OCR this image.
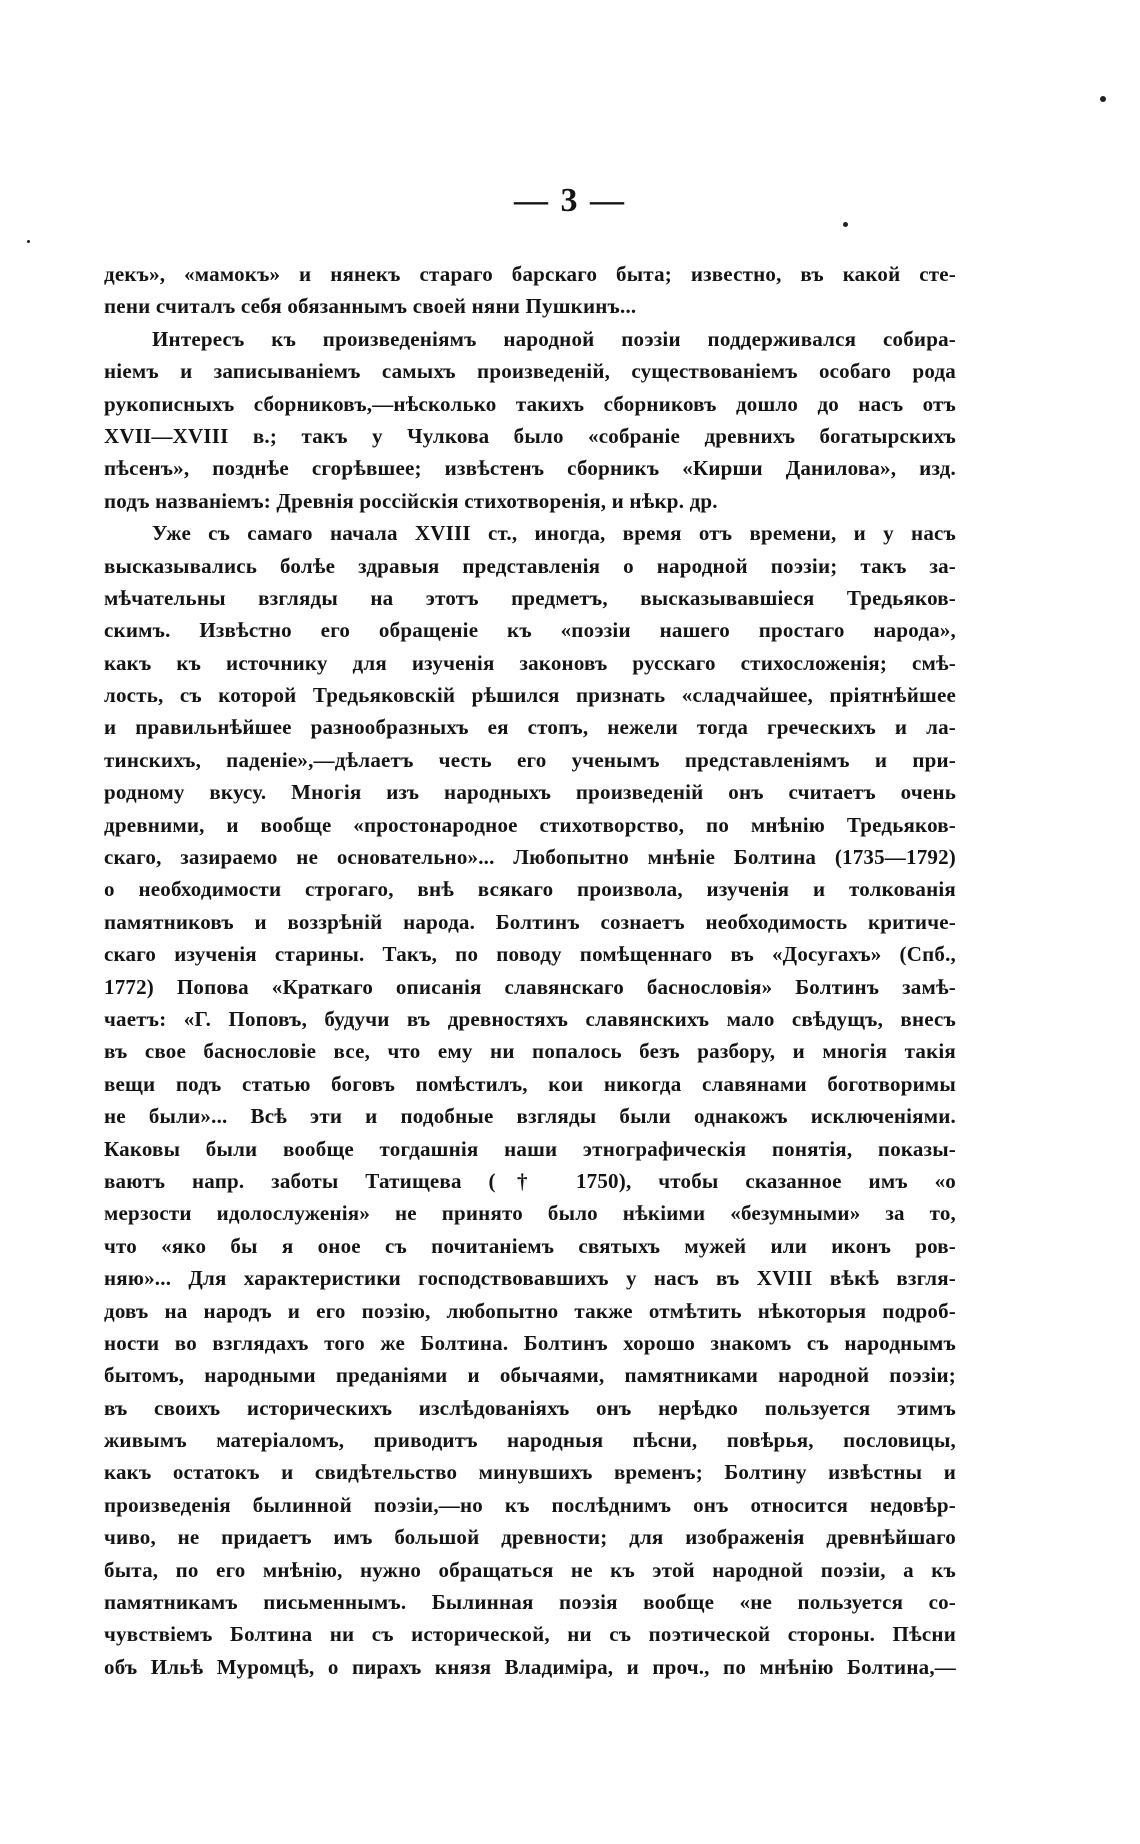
— 3 —
декъ», «мамокъ» и нянекъ стараго барскаго быта; известно, въ какой сте-
пени считалъ себя обязаннымъ своей няни Пушкинъ...
Интересъ къ произведеніямъ народной поэзіи поддерживался собира-
ніемъ и записываніемъ самыхъ произведеній, существованіемъ особаго рода
рукописныхъ сборниковъ,—нѣсколько такихъ сборниковъ дошло до насъ отъ
XVII—XVIII в.; такъ у Чулкова было «собраніе древнихъ богатырскихъ
пѣсенъ», позднѣе сгорѣвшее; извѣстенъ сборникъ «Кирши Данилова», изд.
подъ названіемъ: Древнія россійскія стихотворенія, и нѣкр. др.
Уже съ самаго начала XVIII ст., иногда, время отъ времени, и у насъ
высказывались болѣе здравыя представленія о народной поэзіи; такъ за-
мѣчательны взгляды на этотъ предметъ, высказывавшіеся Тредьяков-
скимъ. Извѣстно его обращеніе къ «поэзіи нашего простаго народа»,
какъ къ источнику для изученія законовъ русскаго стихосложенія; смѣ-
лость, съ которой Тредьяковскій рѣшился признать «сладчайшее, пріятнѣйшее
и правильнѣйшее разнообразныхъ ея стопъ, нежели тогда греческихъ и ла-
тинскихъ, паденіе»,—дѣлаетъ честь его ученымъ представленіямъ и при-
родному вкусу. Многія изъ народныхъ произведеній онъ считаетъ очень
древними, и вообще «простонародное стихотворство, по мнѣнію Тредьяков-
скаго, зазираемо не основательно»... Любопытно мнѣніе Болтина (1735—1792)
о необходимости строгаго, внѣ всякаго произвола, изученія и толкованія
памятниковъ и воззрѣній народа. Болтинъ сознаетъ необходимость критиче-
скаго изученія старины. Такъ, по поводу помѣщеннаго въ «Досугахъ» (Спб.,
1772) Попова «Краткаго описанія славянскаго баснословія» Болтинъ замѣ-
чаетъ: «Г. Поповъ, будучи въ древностяхъ славянскихъ мало свѣдущъ, внесъ
въ свое баснословіе все, что ему ни попалось безъ разбору, и многія такія
вещи подъ статью боговъ помѣстилъ, кои никогда славянами боготворимы
не были»... Всѣ эти и подобные взгляды были однакожъ исключеніями.
Каковы были вообще тогдашнія наши этнографическія понятія, показы-
ваютъ напр. заботы Татищева († 1750), чтобы сказанное имъ «о
мерзости идолослуженія» не принято было нѣкіими «безумными» за то,
что «яко бы я оное съ почитаніемъ святыхъ мужей или иконъ ров-
няю»... Для характеристики господствовавшихъ у насъ въ XVIII вѣкѣ взгля-
довъ на народъ и его поэзію, любопытно также отмѣтить нѣкоторыя подроб-
ности во взглядахъ того же Болтина. Болтинъ хорошо знакомъ съ народнымъ
бытомъ, народными преданіями и обычаями, памятниками народной поэзіи;
въ своихъ историческихъ изслѣдованіяхъ онъ нерѣдко пользуется этимъ
живымъ матеріаломъ, приводитъ народныя пѣсни, повѣрья, пословицы,
какъ остатокъ и свидѣтельство минувшихъ временъ; Болтину извѣстны и
произведенія былинной поэзіи,—но къ послѣднимъ онъ относится недовѣр-
чиво, не придаетъ имъ большой древности; для изображенія древнѣйшаго
быта, по его мнѣнію, нужно обращаться не къ этой народной поэзіи, а къ
памятникамъ письменнымъ. Былинная поэзія вообще «не пользуется со-
чувствіемъ Болтина ни съ исторической, ни съ поэтической стороны. Пѣсни
объ Ильѣ Муромцѣ, о пирахъ князя Владиміра, и проч., по мнѣнію Болтина,—
